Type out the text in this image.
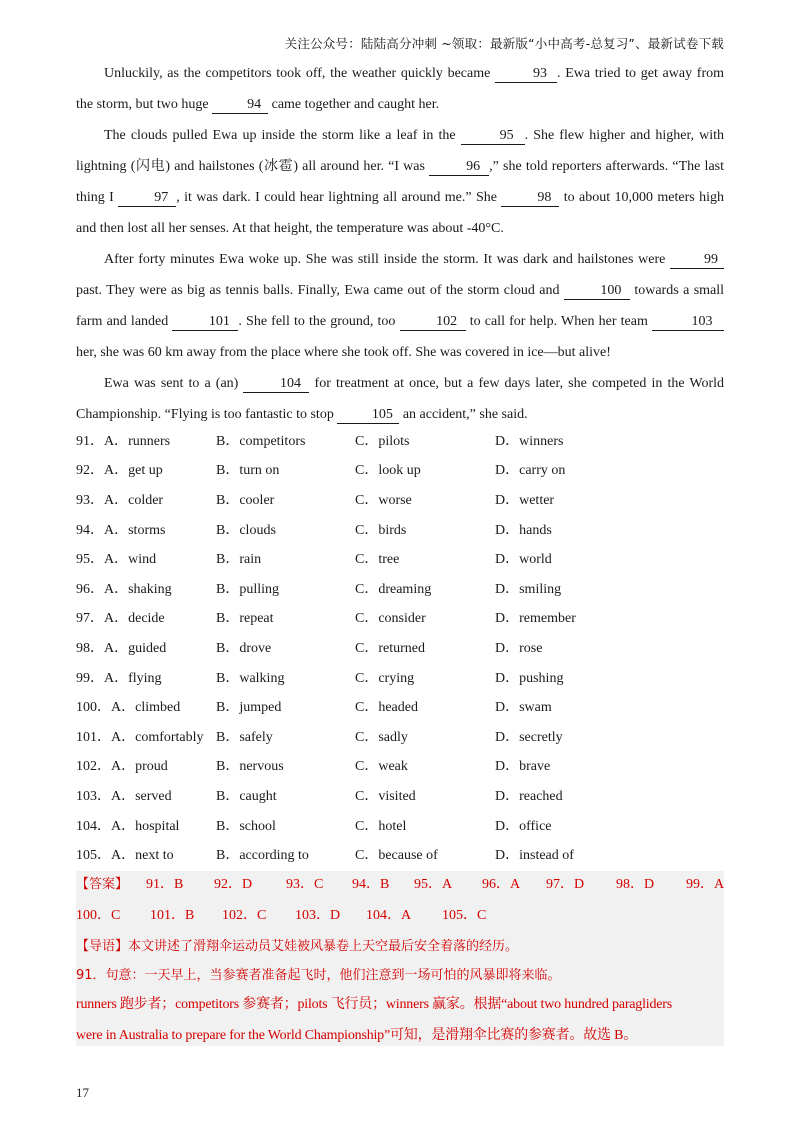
关注公众号：陆陆高分冲刺 ~领取：最新版“小中高考-总复习”、最新试卷下载

Unluckily, as the competitors took off, the weather quickly became	93 . Ewa tried to get away from the storm, but two huge	94 came together and caught her.

The clouds pulled Ewa up inside the storm like a leaf in the	95 . She flew higher and higher, with lightning (闪电) and hailstones (冰雹) all around her. “I was	96 ,” she told reporters afterwards. “The last thing I	97 , it was dark. I could hear lightning all around me.” She	98 to about 10,000 meters high and then lost all her senses. At that height, the temperature was about -40°C.

After forty minutes Ewa woke up. She was still inside the storm. It was dark and hailstones were	99 past. They were as big as tennis balls. Finally, Ewa came out of the storm cloud and	100 towards a small farm and landed	101 . She fell to the ground, too	102 to call for help. When her team	103 her, she was 60 km away from the place where she took off. She was covered in ice—but alive!

Ewa was sent to a (an)	104 for treatment at once, but a few days later, she competed in the World Championship. “Flying is too fantastic to stop	105 an accident,” she said.

91． A．runners	B．competitors	C．pilots	D．winners
92． A．get up	B．turn on	C．look up	D．carry on
93． A．colder	B．cooler	C．worse	D．wetter
94． A．storms	B．clouds	C．birds	D．hands
95． A．wind	B．rain	C．tree	D．world
96． A．shaking	B．pulling	C．dreaming	D．smiling
97． A．decide	B．repeat	C．consider	D．remember
98． A．guided	B．drove	C．returned	D．rose
99． A．flying	B．walking	C．crying	D．pushing
100． A．climbed	B．jumped	C．headed	D．swam
101． A．comfortably B．safely	C．sadly	D．secretly
102． A．proud	B．nervous	C．weak	D．brave
103． A．served	B．caught	C．visited	D．reached
104． A．hospital	B．school	C．hotel	D．office
105． A．next to	B．according to	C．because of	D．instead of
【答案】 91．B 92．D 93．C 94．B 95．A 96．A 97．D 98．D 99．A
100．C 101．B 102．C 103．D 104．A 105．C
【导语】本文讲述了滑翔伞运动员艾娃被风暴卷上天空最后安全着落的经历。
91．句意：一天早上，当参赛者准备起飞时，他们注意到一场可怕的风暴即将来临。
runners 跑步者；competitors 参赛者；pilots 飞行员；winners 赢家。根据“about two hundred paragliders
were in Australia to prepare for the World Championship”可知，是滑翔伞比赛的参赛者。故选 B。
17
